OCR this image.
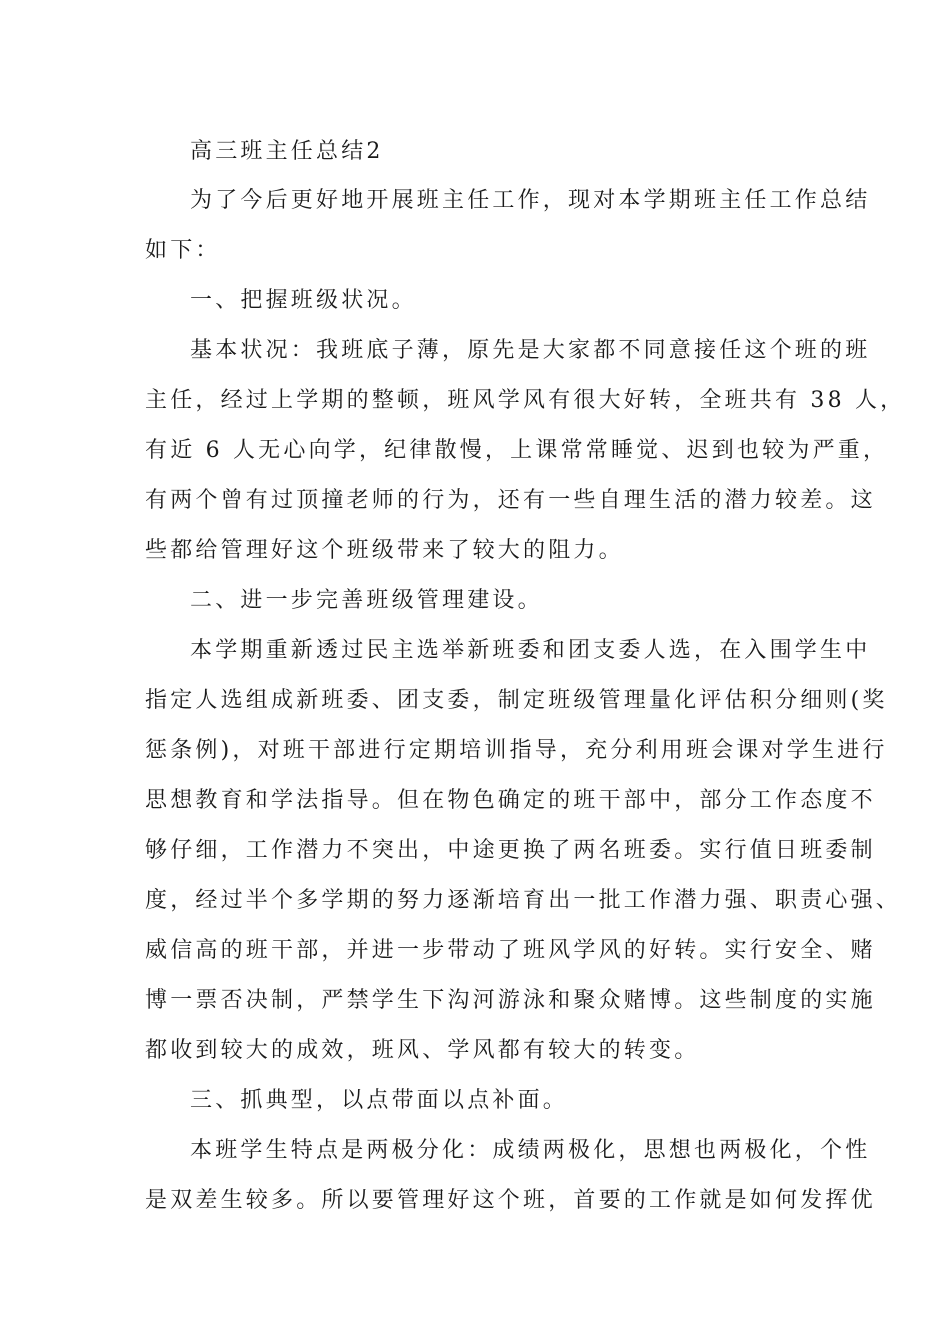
高三班主任总结2
为了今后更好地开展班主任工作，现对本学期班主任工作总结
如下：
一、把握班级状况。
基本状况：我班底子薄，原先是大家都不同意接任这个班的班
主任，经过上学期的整顿，班风学风有很大好转，全班共有 38 人，
有近 6 人无心向学，纪律散慢，上课常常睡觉、迟到也较为严重，
有两个曾有过顶撞老师的行为，还有一些自理生活的潜力较差。这
些都给管理好这个班级带来了较大的阻力。
二、进一步完善班级管理建设。
本学期重新透过民主选举新班委和团支委人选，在入围学生中
指定人选组成新班委、团支委，制定班级管理量化评估积分细则(奖
惩条例)，对班干部进行定期培训指导，充分利用班会课对学生进行
思想教育和学法指导。但在物色确定的班干部中，部分工作态度不
够仔细，工作潜力不突出，中途更换了两名班委。实行值日班委制
度，经过半个多学期的努力逐渐培育出一批工作潜力强、职责心强、
威信高的班干部，并进一步带动了班风学风的好转。实行安全、赌
博一票否决制，严禁学生下沟河游泳和聚众赌博。这些制度的实施
都收到较大的成效，班风、学风都有较大的转变。
三、抓典型，以点带面以点补面。
本班学生特点是两极分化：成绩两极化，思想也两极化，个性
是双差生较多。所以要管理好这个班，首要的工作就是如何发挥优
